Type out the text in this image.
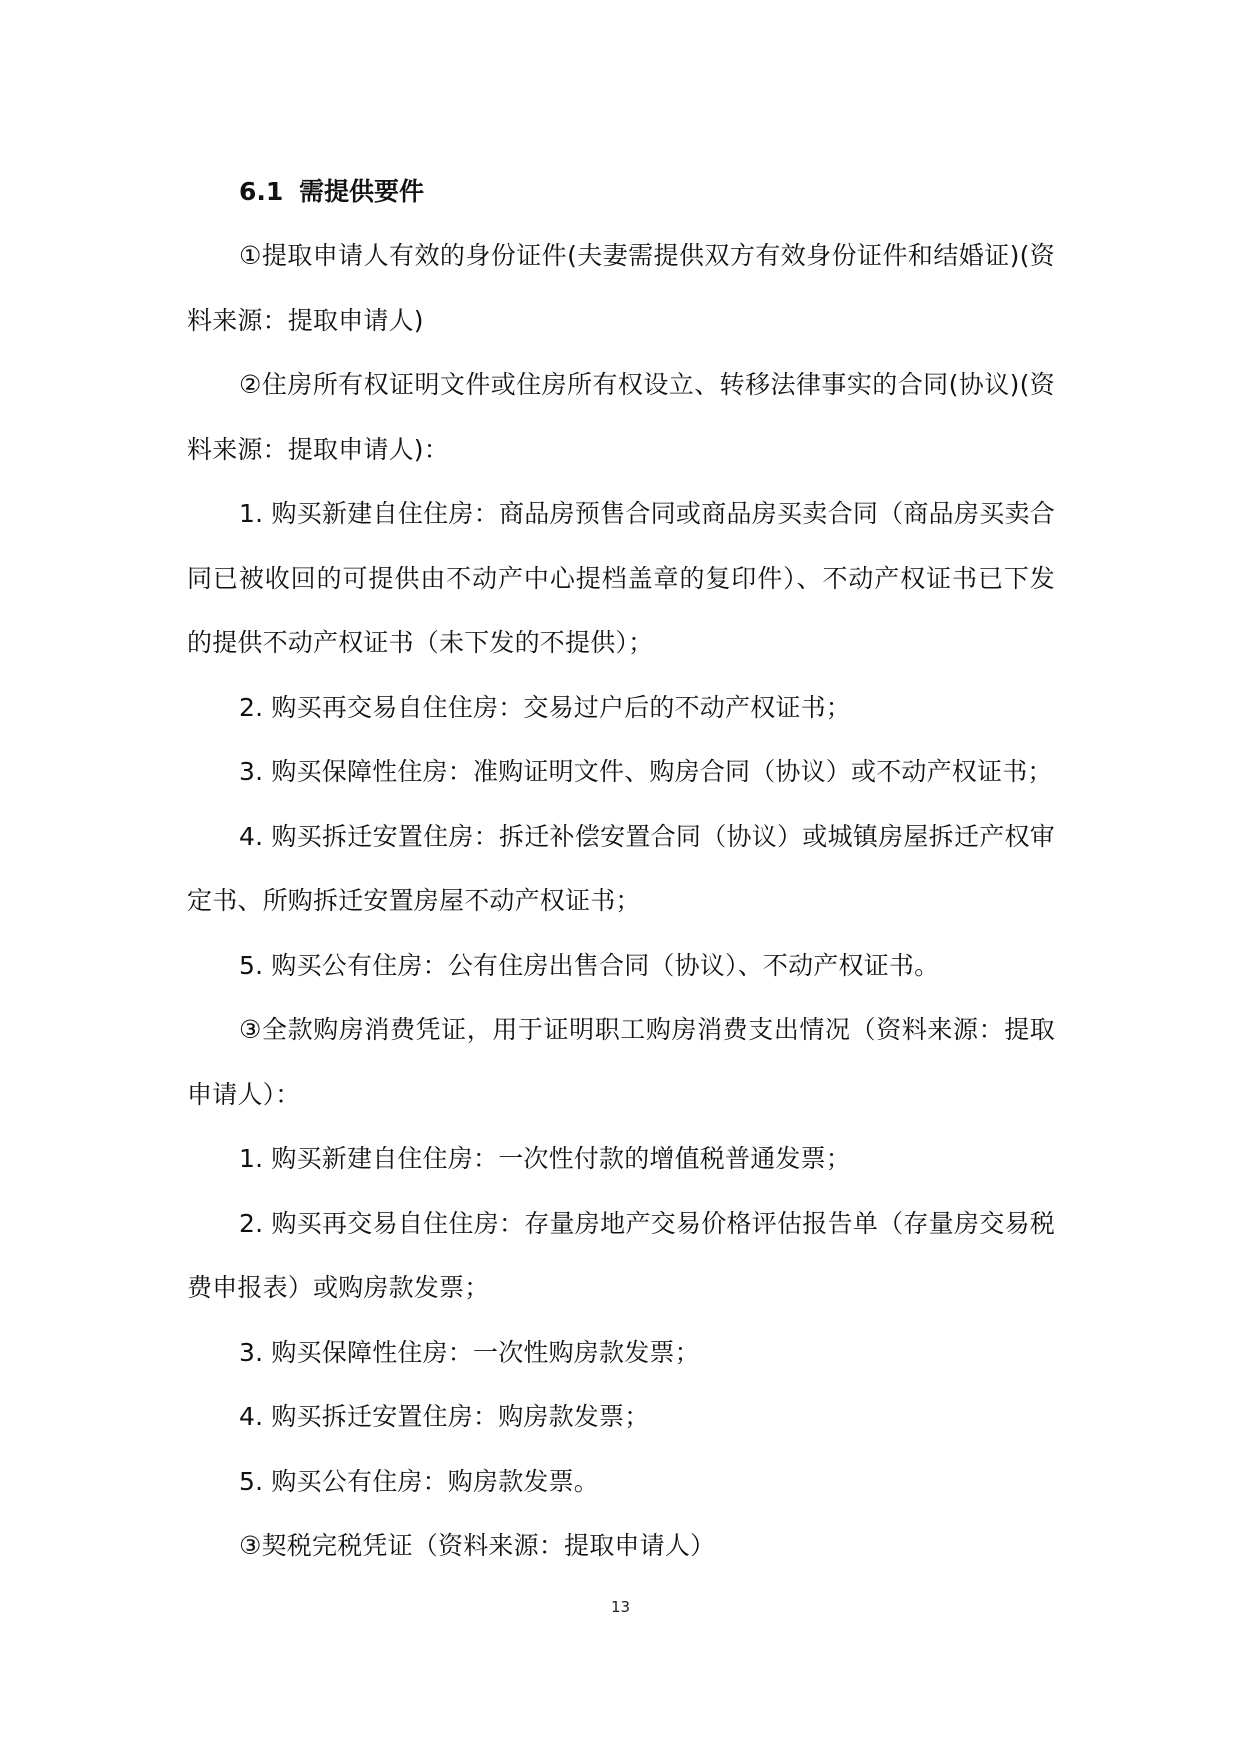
6.1 需提供要件

①提取申请人有效的身份证件(夫妻需提供双方有效身份证件和结婚证)(资料来源：提取申请人)

②住房所有权证明文件或住房所有权设立、转移法律事实的合同(协议)(资料来源：提取申请人)：

1. 购买新建自住住房：商品房预售合同或商品房买卖合同（商品房买卖合同已被收回的可提供由不动产中心提档盖章的复印件）、不动产权证书已下发的提供不动产权证书（未下发的不提供）；

2. 购买再交易自住住房：交易过户后的不动产权证书；

3. 购买保障性住房：准购证明文件、购房合同（协议）或不动产权证书；

4. 购买拆迁安置住房：拆迁补偿安置合同（协议）或城镇房屋拆迁产权审定书、所购拆迁安置房屋不动产权证书；

5. 购买公有住房：公有住房出售合同（协议）、不动产权证书。

③全款购房消费凭证，用于证明职工购房消费支出情况（资料来源：提取申请人）：

1. 购买新建自住住房：一次性付款的增值税普通发票；

2. 购买再交易自住住房：存量房地产交易价格评估报告单（存量房交易税费申报表）或购房款发票；

3. 购买保障性住房：一次性购房款发票；

4. 购买拆迁安置住房：购房款发票；

5. 购买公有住房：购房款发票。

③契税完税凭证（资料来源：提取申请人）

13
